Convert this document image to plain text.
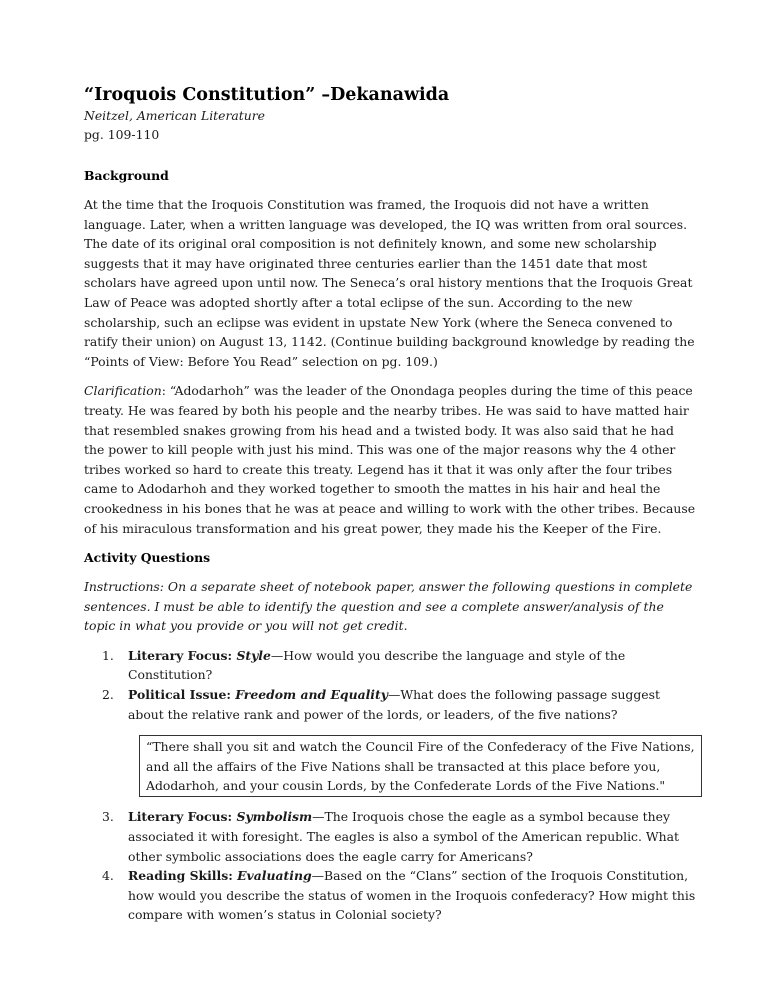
“Iroquois Constitution” –Dekanawida

Neitzel, American Literature

pg. 109-110

Background

At the time that the Iroquois Constitution was framed, the Iroquois did not have a written language. Later, when a written language was developed, the IQ was written from oral sources. The date of its original oral composition is not definitely known, and some new scholarship suggests that it may have originated three centuries earlier than the 1451 date that most scholars have agreed upon until now. The Seneca’s oral history mentions that the Iroquois Great Law of Peace was adopted shortly after a total eclipse of the sun. According to the new scholarship, such an eclipse was evident in upstate New York (where the Seneca convened to ratify their union) on August 13, 1142. (Continue building background knowledge by reading the “Points of View: Before You Read” selection on pg. 109.)

Clarification: “Adodarhoh” was the leader of the Onondaga peoples during the time of this peace treaty. He was feared by both his people and the nearby tribes. He was said to have matted hair that resembled snakes growing from his head and a twisted body. It was also said that he had the power to kill people with just his mind. This was one of the major reasons why the 4 other tribes worked so hard to create this treaty. Legend has it that it was only after the four tribes came to Adodarhoh and they worked together to smooth the mattes in his hair and heal the crookedness in his bones that he was at peace and willing to work with the other tribes. Because of his miraculous transformation and his great power, they made his the Keeper of the Fire.

Activity Questions

Instructions: On a separate sheet of notebook paper, answer the following questions in complete sentences. I must be able to identify the question and see a complete answer/analysis of the topic in what you provide or you will not get credit.

1. Literary Focus: Style—How would you describe the language and style of the Constitution?
2. Political Issue: Freedom and Equality—What does the following passage suggest about the relative rank and power of the lords, or leaders, of the five nations?
“There shall you sit and watch the Council Fire of the Confederacy of the Five Nations, and all the affairs of the Five Nations shall be transacted at this place before you, Adodarhoh, and your cousin Lords, by the Confederate Lords of the Five Nations."
3. Literary Focus: Symbolism—The Iroquois chose the eagle as a symbol because they associated it with foresight. The eagles is also a symbol of the American republic. What other symbolic associations does the eagle carry for Americans?
4. Reading Skills: Evaluating—Based on the “Clans” section of the Iroquois Constitution, how would you describe the status of women in the Iroquois confederacy? How might this compare with women’s status in Colonial society?
